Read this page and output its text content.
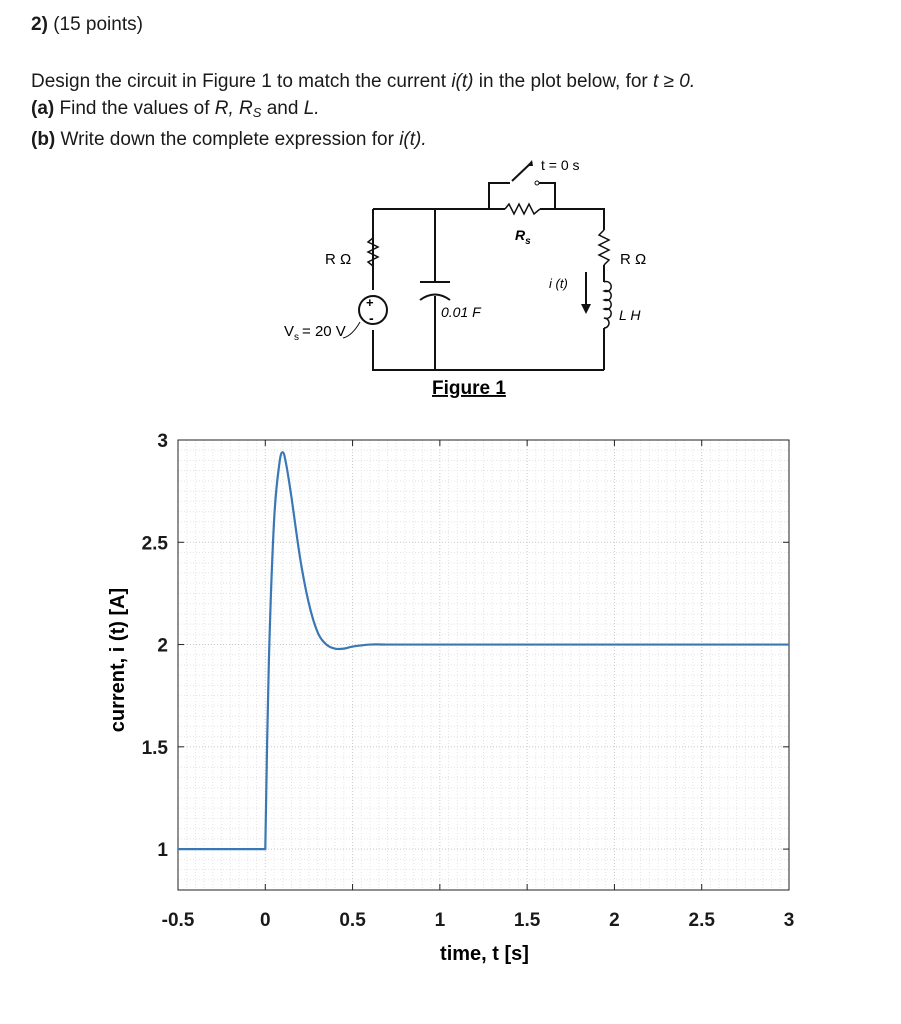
2) (15 points)
Design the circuit in Figure 1 to match the current i(t) in the plot below, for t ≥ 0.
(a) Find the values of R, $R_S$ and L.
(b) Write down the complete expression for i(t).
t = 0 s
$R_s$
R Ω	R Ω
i (t)
0.01 F	L H
+
-
$V_s = 20$ V
Figure 1
-0.5	0	0.5	1	1.5	2	2.5	3
1
1.5
2
2.5
3
time, t [s]
current, i (t) [A]
